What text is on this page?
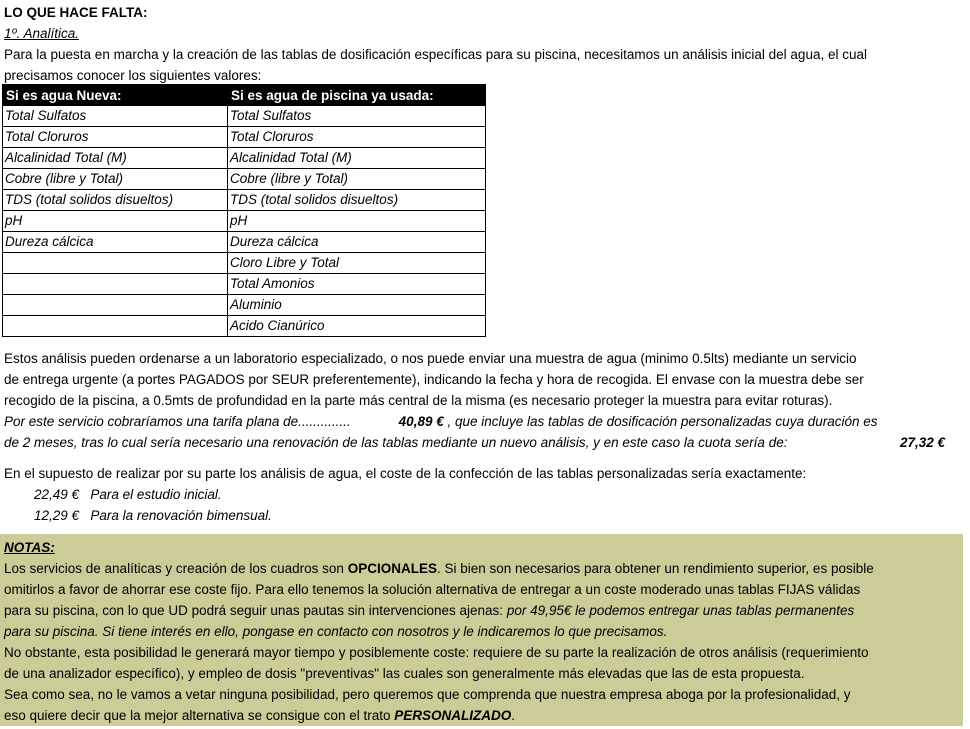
LO QUE HACE FALTA:
1º. Analítica.
Para la puesta en marcha y la creación de las tablas de dosificación específicas para su piscina, necesitamos un análisis inicial del agua, el cual
precisamos conocer los siguientes valores:
Si es agua Nueva:	Si es agua de piscina ya usada:
Total Sulfatos	Total Sulfatos
Total Cloruros	Total Cloruros
Alcalinidad Total (M)	Alcalinidad Total (M)
Cobre (libre y Total)	Cobre (libre y Total)
TDS (total solidos disueltos)	TDS (total solidos disueltos)
pH	pH
Dureza cálcica	Dureza cálcica
	Cloro Libre y Total
	Total Amonios
	Aluminio
	Acido Cianúrico
Estos análisis pueden ordenarse a un laboratorio especializado, o nos puede enviar una muestra de agua (minimo 0.5lts) mediante un servicio
de entrega urgente (a portes PAGADOS por SEUR preferentemente), indicando la fecha y hora de recogida. El envase con la muestra debe ser
recogido de la piscina, a 0.5mts de profundidad en la parte más central de la misma (es necesario proteger la muestra para evitar roturas).
Por este servicio cobraríamos una tarifa plana de..............	40,89 € , que incluye las tablas de dosificación personalizadas cuya duración es
de 2 meses, tras lo cual sería necesario una renovación de las tablas mediante un nuevo análisis, y en este caso la cuota sería de:	27,32 €
En el supuesto de realizar por su parte los análisis de agua, el coste de la confección de las tablas personalizadas sería exactamente:
22,49 € Para el estudio inicial.
12,29 € Para la renovación bimensual.
NOTAS:
Los servicios de analíticas y creación de los cuadros son OPCIONALES. Si bien son necesarios para obtener un rendimiento superior, es posible
omitirlos a favor de ahorrar ese coste fijo. Para ello tenemos la solución alternativa de entregar a un coste moderado unas tablas FIJAS válidas
para su piscina, con lo que UD podrá seguir unas pautas sin intervenciones ajenas: por 49,95€ le podemos entregar unas tablas permanentes
para su piscina. Si tiene interés en ello, pongase en contacto con nosotros y le indicaremos lo que precisamos.
No obstante, esta posibilidad le generará mayor tiempo y posiblemente coste: requiere de su parte la realización de otros análisis (requerimiento
de una analizador específico), y empleo de dosis "preventivas" las cuales son generalmente más elevadas que las de esta propuesta.
Sea como sea, no le vamos a vetar ninguna posibilidad, pero queremos que comprenda que nuestra empresa aboga por la profesionalidad, y
eso quiere decir que la mejor alternativa se consigue con el trato PERSONALIZADO.
